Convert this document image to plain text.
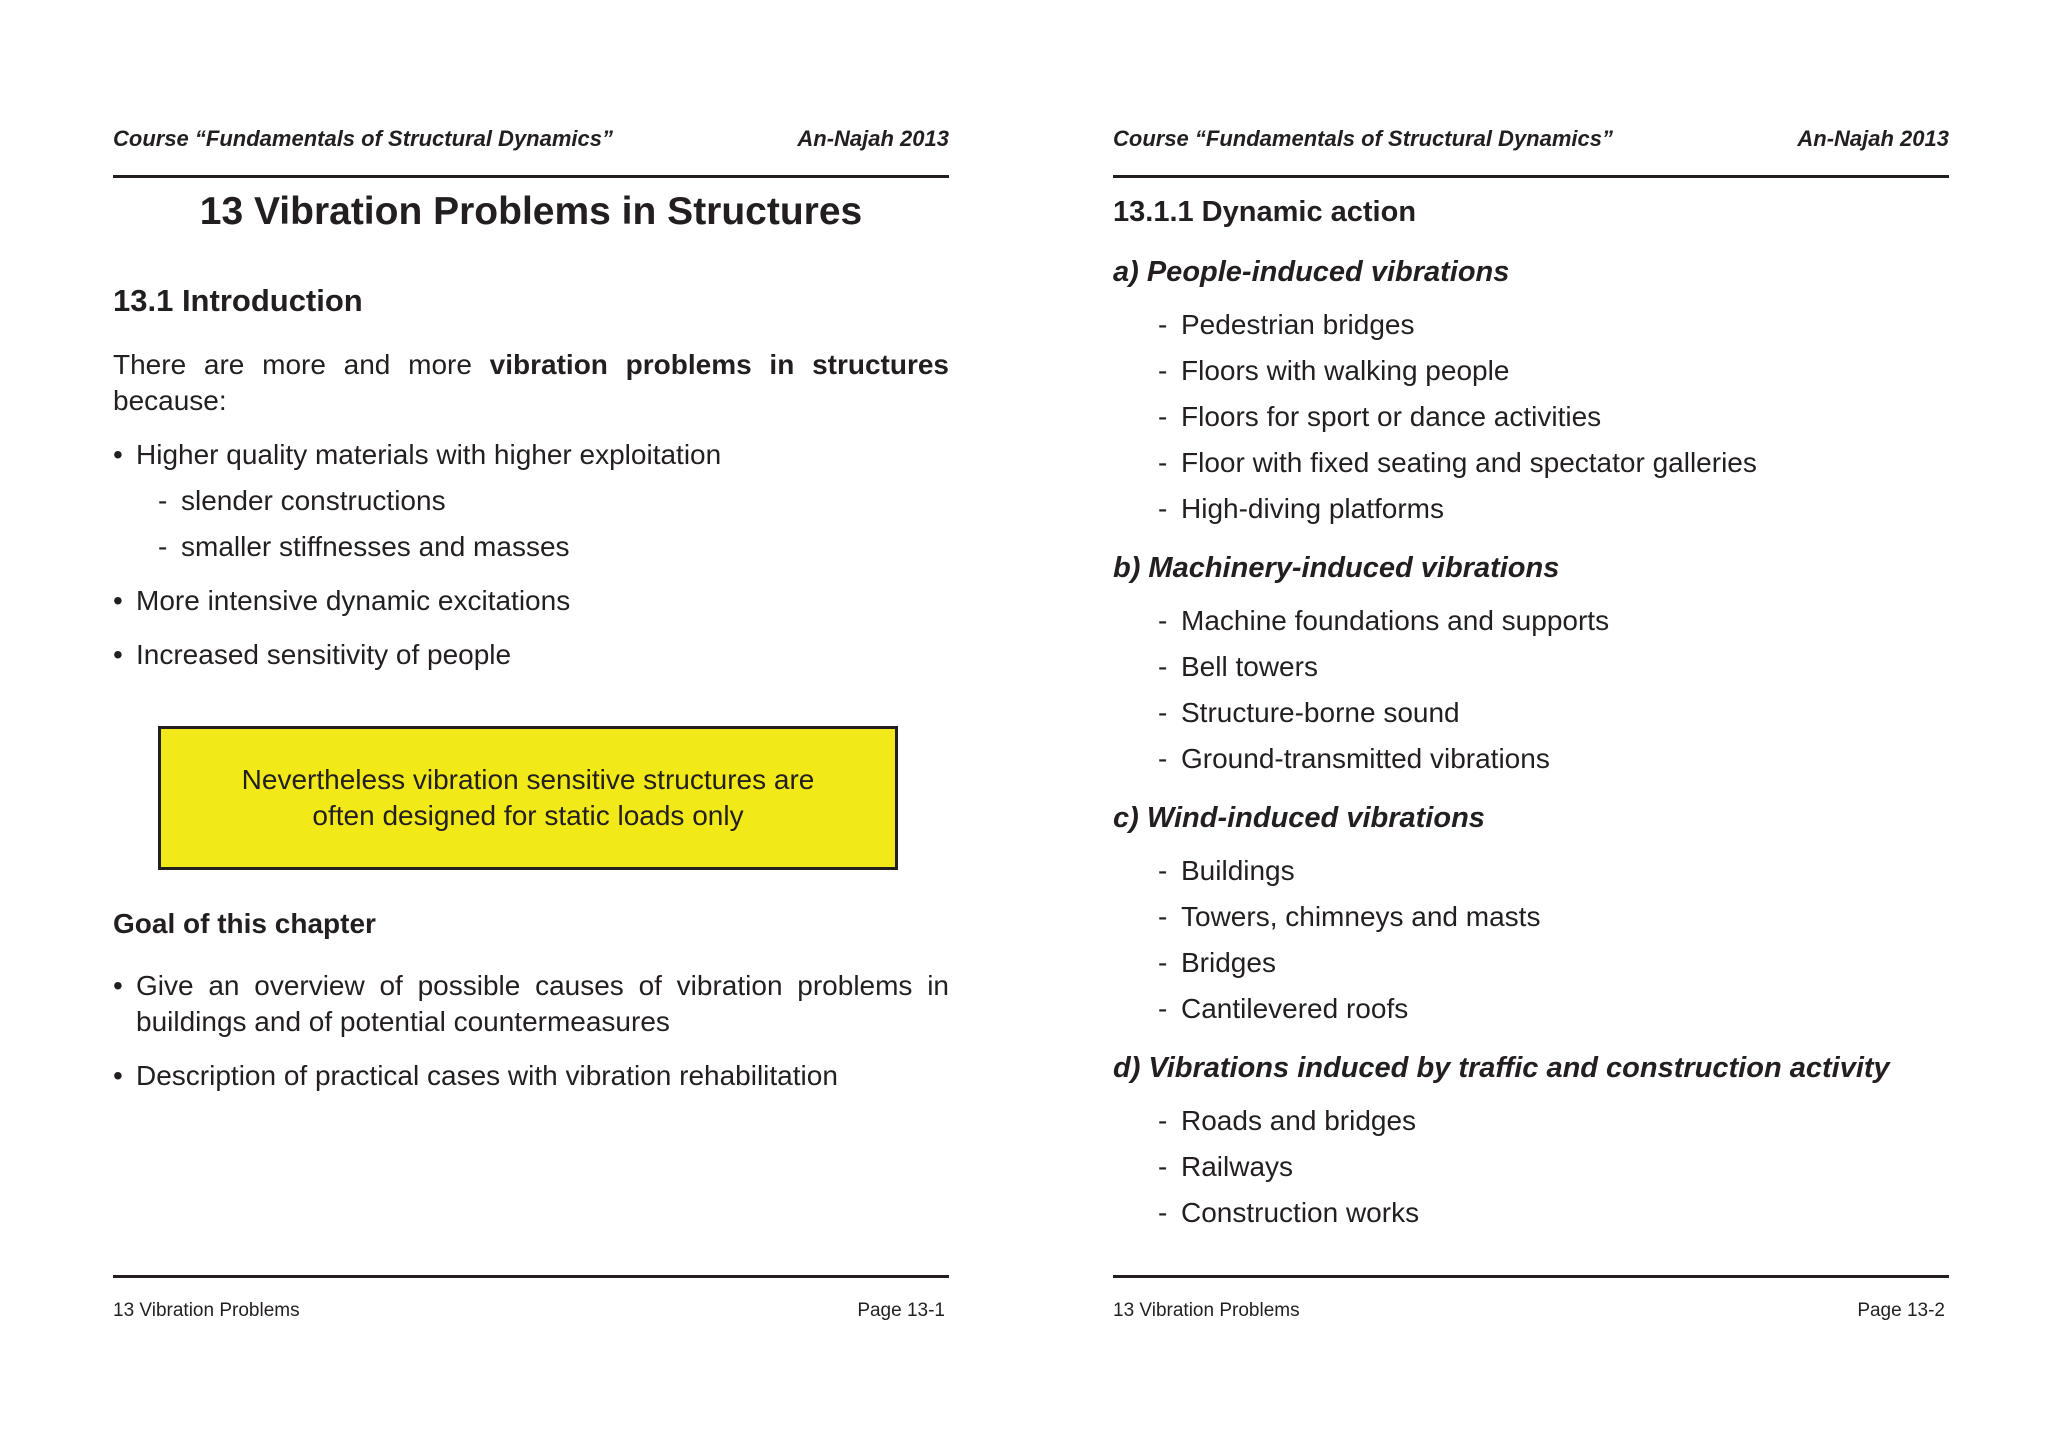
Course “Fundamentals of Structural Dynamics”	An-Najah 2013
13 Vibration Problems in Structures
13.1 Introduction
There are more and more vibration problems in structures
because:
• Higher quality materials with higher exploitation
- slender constructions
- smaller stiffnesses and masses
• More intensive dynamic excitations
• Increased sensitivity of people
Nevertheless vibration sensitive structures are
often designed for static loads only
Goal of this chapter
• Give an overview of possible causes of vibration problems in
buildings and of potential countermeasures
• Description of practical cases with vibration rehabilitation
13 Vibration Problems	Page 13-1
Course “Fundamentals of Structural Dynamics”	An-Najah 2013
13.1.1 Dynamic action
a) People-induced vibrations
- Pedestrian bridges
- Floors with walking people
- Floors for sport or dance activities
- Floor with fixed seating and spectator galleries
- High-diving platforms
b) Machinery-induced vibrations
- Machine foundations and supports
- Bell towers
- Structure-borne sound
- Ground-transmitted vibrations
c) Wind-induced vibrations
- Buildings
- Towers, chimneys and masts
- Bridges
- Cantilevered roofs
d) Vibrations induced by traffic and construction activity
- Roads and bridges
- Railways
- Construction works
13 Vibration Problems	Page 13-2
